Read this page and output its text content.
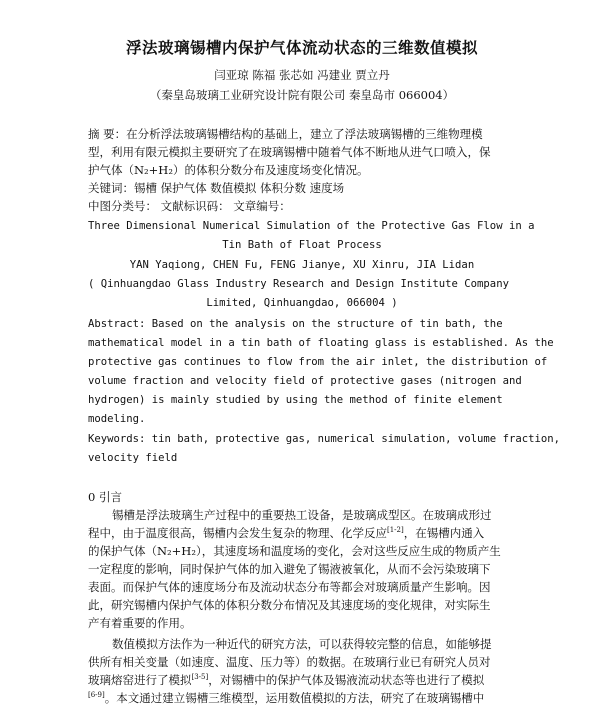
浮法玻璃锡槽内保护气体流动状态的三维数值模拟
闫亚琼 陈福 张芯如 冯建业 贾立丹
（秦皇岛玻璃工业研究设计院有限公司 秦皇岛市 066004）
摘 要：在分析浮法玻璃锡槽结构的基础上，建立了浮法玻璃锡槽的三维物理模
型，利用有限元模拟主要研究了在玻璃锡槽中随着气体不断地从进气口喷入，保
护气体（N₂+H₂）的体积分数分布及速度场变化情况。
关键词：锡槽 保护气体 数值模拟 体积分数 速度场
中图分类号： 文献标识码： 文章编号：
Three Dimensional Numerical Simulation of the Protective Gas Flow in a
Tin Bath of Float Process
YAN Yaqiong, CHEN Fu, FENG Jianye, XU Xinru, JIA Lidan
( Qinhuangdao Glass Industry Research and Design Institute Company
Limited, Qinhuangdao, 066004 )
Abstract: Based on the analysis on the structure of tin bath, the
mathematical model in a tin bath of floating glass is established. As the
protective gas continues to flow from the air inlet, the distribution of
volume fraction and velocity field of protective gases (nitrogen and
hydrogen) is mainly studied by using the method of finite element
modeling.
Keywords: tin bath, protective gas, numerical simulation, volume fraction,
velocity field
0 引言
锡槽是浮法玻璃生产过程中的重要热工设备，是玻璃成型区。在玻璃成形过
程中，由于温度很高，锡槽内会发生复杂的物理、化学反应[1-2]，在锡槽内通入
的保护气体（N₂+H₂），其速度场和温度场的变化，会对这些反应生成的物质产生
一定程度的影响，同时保护气体的加入避免了锡液被氧化，从而不会污染玻璃下
表面。而保护气体的速度场分布及流动状态分布等都会对玻璃质量产生影响。因
此，研究锡槽内保护气体的体积分数分布情况及其速度场的变化规律，对实际生
产有着重要的作用。
数值模拟方法作为一种近代的研究方法，可以获得较完整的信息，如能够提
供所有相关变量（如速度、温度、压力等）的数据。在玻璃行业已有研究人员对
玻璃熔窑进行了模拟[3-5]，对锡槽中的保护气体及锡液流动状态等也进行了模拟
[6-9]。本文通过建立锡槽三维模型，运用数值模拟的方法，研究了在玻璃锡槽中
